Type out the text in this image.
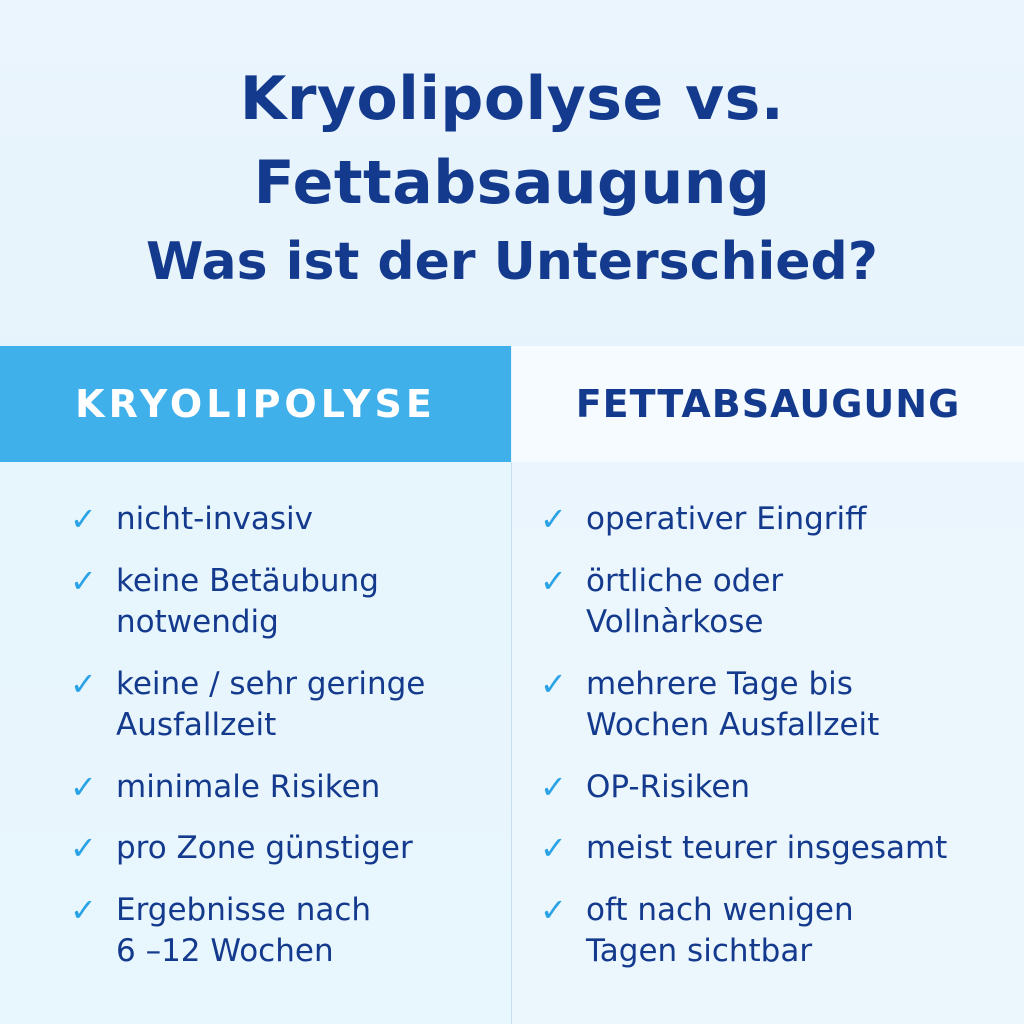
Kryolipolyse vs.
Fettabsaugung
Was ist der Unterschied?
KRYOLIPOLYSE	FETTABSAUGUNG
✓ nicht-invasiv
✓ keine Betäubung
notwendig
✓ keine / sehr geringe
Ausfallzeit
✓ minimale Risiken
✓ pro Zone günstiger
✓ Ergebnisse nach
6 –12 Wochen
✓ operativer Eingriff
✓ örtliche oder
Vollnàrkose
✓ mehrere Tage bis
Wochen Ausfallzeit
✓ OP-Risiken
✓ meist teurer insgesamt
✓ oft nach wenigen
Tagen sichtbar
